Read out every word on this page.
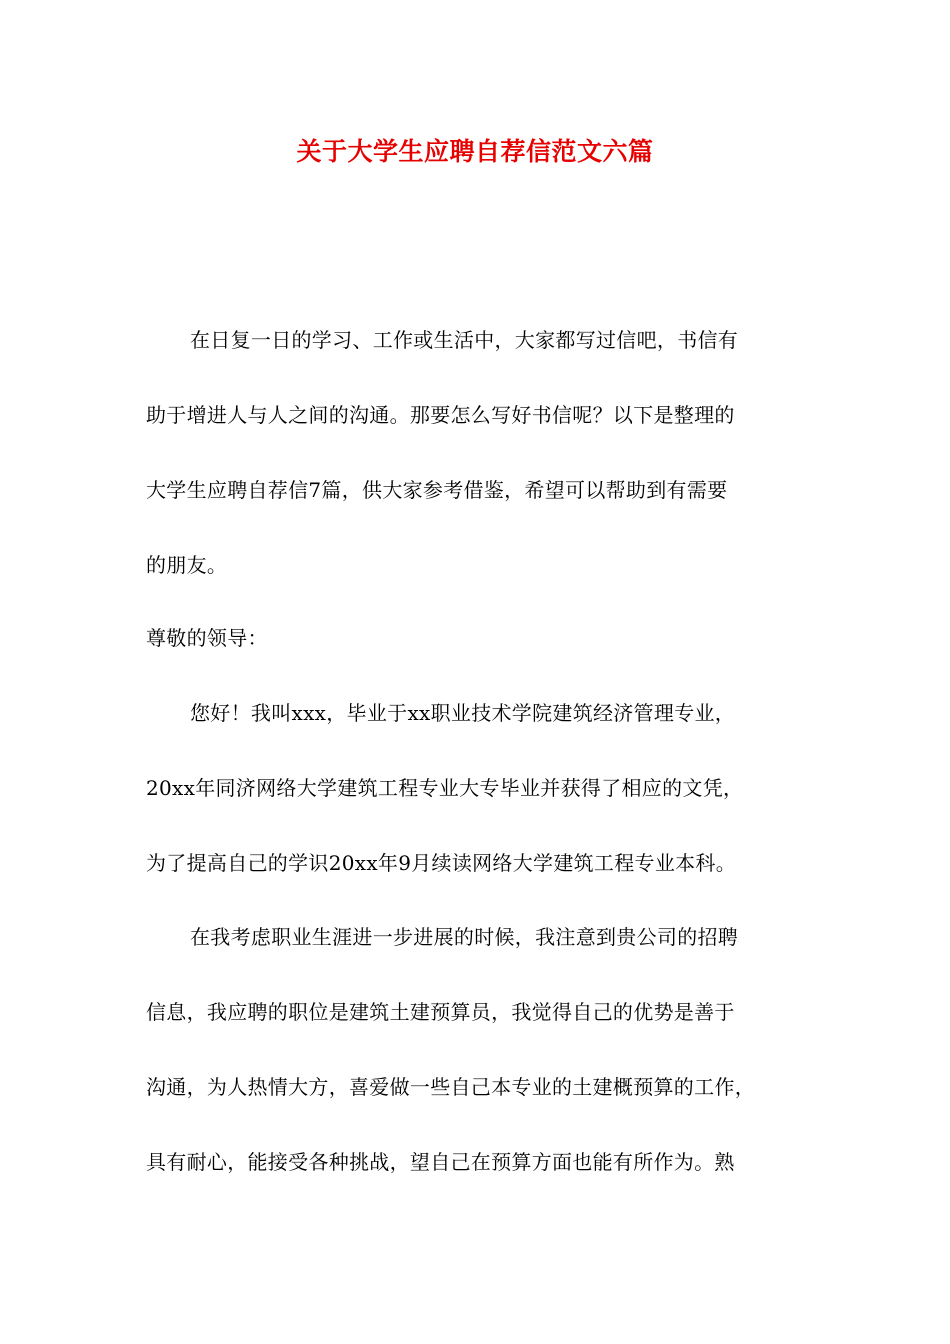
关于大学生应聘自荐信范文六篇
在日复一日的学习、工作或生活中，大家都写过信吧，书信有
助于增进人与人之间的沟通。那要怎么写好书信呢？以下是整理的
大学生应聘自荐信7篇，供大家参考借鉴，希望可以帮助到有需要
的朋友。
尊敬的领导：
您好！我叫xxx，毕业于xx职业技术学院建筑经济管理专业，
20xx年同济网络大学建筑工程专业大专毕业并获得了相应的文凭，
为了提高自己的学识20xx年9月续读网络大学建筑工程专业本科。
在我考虑职业生涯进一步进展的时候，我注意到贵公司的招聘
信息，我应聘的职位是建筑土建预算员，我觉得自己的优势是善于
沟通，为人热情大方，喜爱做一些自己本专业的土建概预算的工作，
具有耐心，能接受各种挑战，望自己在预算方面也能有所作为。熟
